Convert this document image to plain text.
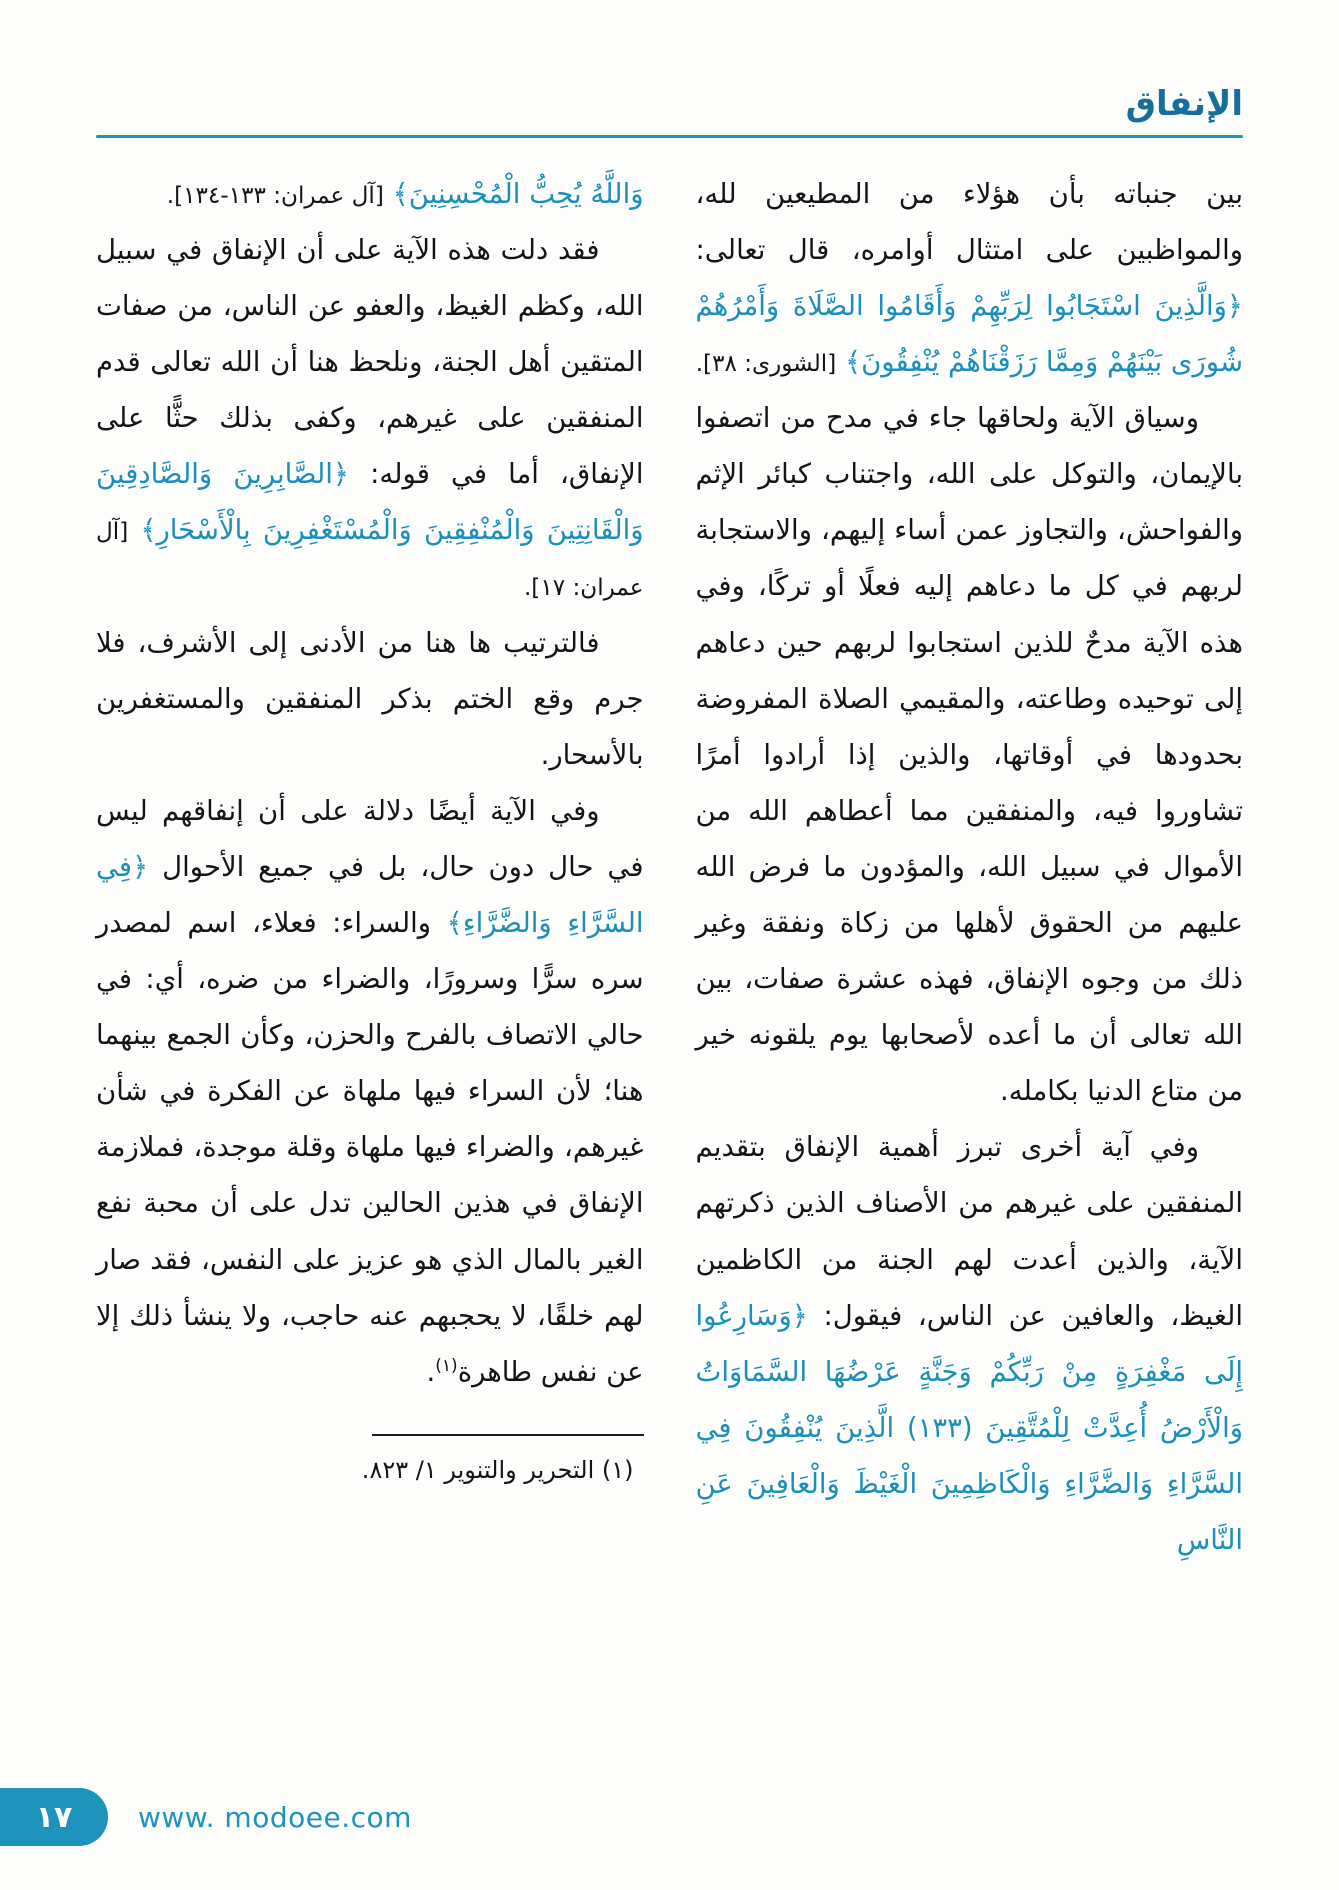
الإنفاق

بين جنباته بأن هؤلاء من المطيعين لله، والمواظبين على امتثال أوامره، قال تعالى: ﴿وَالَّذِينَ اسْتَجَابُوا لِرَبِّهِمْ وَأَقَامُوا الصَّلَاةَ وَأَمْرُهُمْ شُورَى بَيْنَهُمْ وَمِمَّا رَزَقْنَاهُمْ يُنْفِقُونَ﴾ [الشورى: ٣٨].

وسياق الآية ولحاقها جاء في مدح من اتصفوا بالإيمان، والتوكل على الله، واجتناب كبائر الإثم والفواحش، والتجاوز عمن أساء إليهم، والاستجابة لربهم في كل ما دعاهم إليه فعلًا أو تركًا، وفي هذه الآية مدحٌ للذين استجابوا لربهم حين دعاهم إلى توحيده وطاعته، والمقيمي الصلاة المفروضة بحدودها في أوقاتها، والذين إذا أرادوا أمرًا تشاوروا فيه، والمنفقين مما أعطاهم الله من الأموال في سبيل الله، والمؤدون ما فرض الله عليهم من الحقوق لأهلها من زكاة ونفقة وغير ذلك من وجوه الإنفاق، فهذه عشرة صفات، بين الله تعالى أن ما أعده لأصحابها يوم يلقونه خير من متاع الدنيا بكامله.

وفي آية أخرى تبرز أهمية الإنفاق بتقديم المنفقين على غيرهم من الأصناف الذين ذكرتهم الآية، والذين أعدت لهم الجنة من الكاظمين الغيظ، والعافين عن الناس، فيقول: ﴿وَسَارِعُوا إِلَى مَغْفِرَةٍ مِنْ رَبِّكُمْ وَجَنَّةٍ عَرْضُهَا السَّمَاوَاتُ وَالْأَرْضُ أُعِدَّتْ لِلْمُتَّقِينَ (١٣٣) الَّذِينَ يُنْفِقُونَ فِي السَّرَّاءِ وَالضَّرَّاءِ وَالْكَاظِمِينَ الْغَيْظَ وَالْعَافِينَ عَنِ النَّاسِ

وَاللَّهُ يُحِبُّ الْمُحْسِنِينَ﴾ [آل عمران: ١٣٣-١٣٤].

فقد دلت هذه الآية على أن الإنفاق في سبيل الله، وكظم الغيظ، والعفو عن الناس، من صفات المتقين أهل الجنة، ونلحظ هنا أن الله تعالى قدم المنفقين على غيرهم، وكفى بذلك حثًّا على الإنفاق، أما في قوله: ﴿الصَّابِرِينَ وَالصَّادِقِينَ وَالْقَانِتِينَ وَالْمُنْفِقِينَ وَالْمُسْتَغْفِرِينَ بِالْأَسْحَارِ﴾ [آل عمران: ١٧].

فالترتيب ها هنا من الأدنى إلى الأشرف، فلا جرم وقع الختم بذكر المنفقين والمستغفرين بالأسحار.

وفي الآية أيضًا دلالة على أن إنفاقهم ليس في حال دون حال، بل في جميع الأحوال ﴿فِي السَّرَّاءِ وَالضَّرَّاءِ﴾ والسراء: فعلاء، اسم لمصدر سره سرًّا وسرورًا، والضراء من ضره، أي: في حالي الاتصاف بالفرح والحزن، وكأن الجمع بينهما هنا؛ لأن السراء فيها ملهاة عن الفكرة في شأن غيرهم، والضراء فيها ملهاة وقلة موجدة، فملازمة الإنفاق في هذين الحالين تدل على أن محبة نفع الغير بالمال الذي هو عزيز على النفس، فقد صار لهم خلقًا، لا يحجبهم عنه حاجب، ولا ينشأ ذلك إلا عن نفس طاهرة$^{(١)}$.

(١) التحرير والتنوير ١/ ٨٢٣.
١٧ www. modoee.com
